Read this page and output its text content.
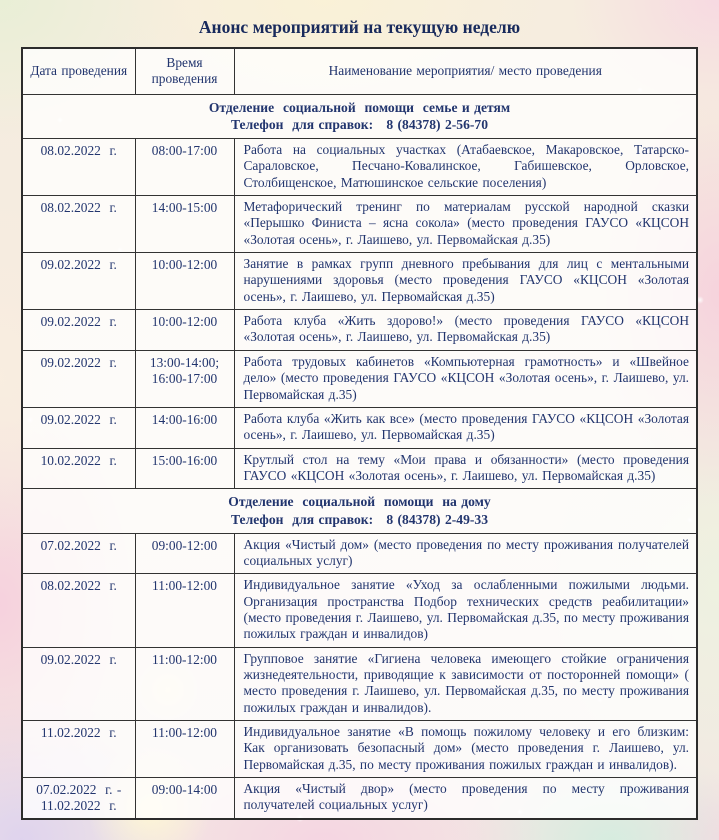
Анонс мероприятий на текущую неделю
Дата проведения	Время проведения	Наименование мероприятия/ место проведения

Отделение  социальной  помощи  семье и детям
Телефон  для справок:   8 (84378) 2-56-70		

08.02.2022  г.	08:00-17:00	Работа на социальных участках (Атабаевское, Макаровское, Татарско-Сараловское, Песчано-Ковалинское, Габишевское, Орловское, Столбищенское, Матюшинское сельские поселения)
08.02.2022  г.	14:00-15:00	Метафорический тренинг по материалам русской народной сказки «Перышко Финиста – ясна сокола» (место проведения ГАУСО «КЦСОН «Золотая осень», г. Лаишево, ул. Первомайская д.35)
09.02.2022  г.	10:00-12:00	Занятие в рамках групп дневного пребывания для лиц с ментальными нарушениями здоровья (место проведения ГАУСО «КЦСОН «Золотая осень», г. Лаишево, ул. Первомайская д.35)
09.02.2022  г.	10:00-12:00	Работа клуба «Жить здорово!» (место проведения ГАУСО «КЦСОН «Золотая осень», г. Лаишево, ул. Первомайская д.35)
09.02.2022  г.	13:00-14:00; 16:00-17:00	Работа трудовых кабинетов «Компьютерная грамотность» и «Швейное дело» (место проведения ГАУСО «КЦСОН «Золотая осень», г. Лаишево, ул. Первомайская д.35)
09.02.2022  г.	14:00-16:00	Работа клуба «Жить как все» (место проведения ГАУСО «КЦСОН «Золотая осень», г. Лаишево, ул. Первомайская д.35)
10.02.2022  г.	15:00-16:00	Крутлый стол на тему «Мои права и обязанности» (место проведения ГАУСО «КЦСОН «Золотая осень», г. Лаишево, ул. Первомайская д.35)

Отделение  социальной  помощи  на дому
Телефон  для справок:   8 (84378) 2-49-33		

07.02.2022  г.	09:00-12:00	Акция «Чистый дом» (место проведения по месту проживания получателей социальных услуг)
08.02.2022  г.	11:00-12:00	Индивидуальное занятие «Уход за ослабленными пожилыми людьми. Организация пространства Подбор технических средств реабилитации» (место проведения г. Лаишево, ул. Первомайская д.35, по месту проживания пожилых граждан и инвалидов)
09.02.2022  г.	11:00-12:00	Групповое занятие «Гигиена человека имеющего стойкие ограничения жизнедеятельности, приводящие к зависимости от посторонней помощи» ( место проведения г. Лаишево, ул. Первомайская д.35, по месту проживания пожилых граждан и инвалидов).
11.02.2022  г.	11:00-12:00	Индивидуальное занятие «В помощь пожилому человеку и его близким: Как организовать безопасный дом» (место проведения г. Лаишево, ул. Первомайская д.35, по месту проживания пожилых граждан и инвалидов).
07.02.2022  г. - 11.02.2022  г.	09:00-14:00	Акция «Чистый двор» (место проведения по месту проживания получателей социальных услуг)
